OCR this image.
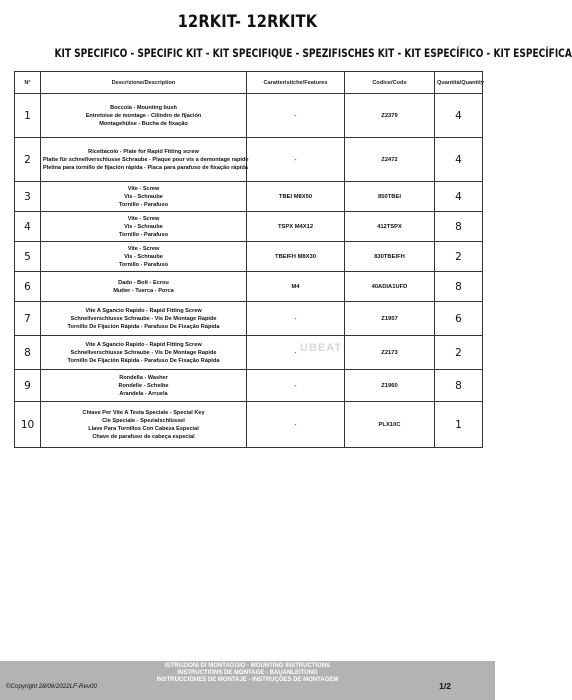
12RKIT- 12RKITK
KIT SPECIFICO - SPECIFIC KIT - KIT SPECIFIQUE - SPEZIFISCHES KIT - KIT ESPECÍFICO - KIT ESPECÍFICA
N°	Descrizione/Description	Caratteristiche/Features	Codice/Code	Quantità/Quantity
1	Boccola - Mounting bush
Entretoise de montage - Cilindro de fijación
Montagehülse - Bucha de fixação	-	Z2379	4
2	Ricettacolo - Plate for Rapid Fitting screw
Platte für schnellverschlusse Schraube - Plaque pour vis a demontage rapide
Plelina para tornillo de fijación rápida - Placa para parafuso de fixação rápida	-	Z2472	4
3	Vite - Screw
Vis - Schraube
Tornillo - Parafuso	TBEI M8X50	850TBEI	4
4	Vite - Screw
Vis - Schraube
Tornillo - Parafuso	TSPX M4X12	412TSPX	8
5	Vite - Screw
Vis - Schraube
Tornillo - Parafuso	TBEIFH M8X30	830TBEIFH	2
6	Dado - Bolt - Ecrou
Mutter - Tuerca - Porca	M4	40ADIA1UFD	8
7	Vite A Sgancio Rapido - Rapid Fitting Screw
Schnellverschlusse Schraube - Vis De Montage Rapide
Tornillo De Fijación Rápida - Parafuso De Fixação Rápida	-	Z1957	6
8	Vite A Sgancio Rapido - Rapid Fitting Screw
Schnellverschlusse Schraube - Vis De Montage Rapide
Tornillo De Fijación Rápida - Parafuso De Fixação Rápida	-	Z2173	2
9	Rondella - Washer
Rondelle - Scheibe
Arandela - Arruela	-	Z1960	8
10	Chiave Per Vite A Testa Speciale - Special Key
Cle Speciale - Spezialschlüssel
Llave Para Tornillos Con Cabeza Especial
Chave de parafuso de cabeça especial	-	PLX10C	1
UBEAT
ISTRUZIONI DI MONTAGGIO - MOUNTING INSTRUCTIONS
INSTRUCTIONS DE MONTAGE - BAUANLEITUNG
INSTRUCCIONES DE MONTAJE - INSTRUÇÕES DE MONTAGEM
©Copyright 28/06/2022LF-Rev00	1/2
